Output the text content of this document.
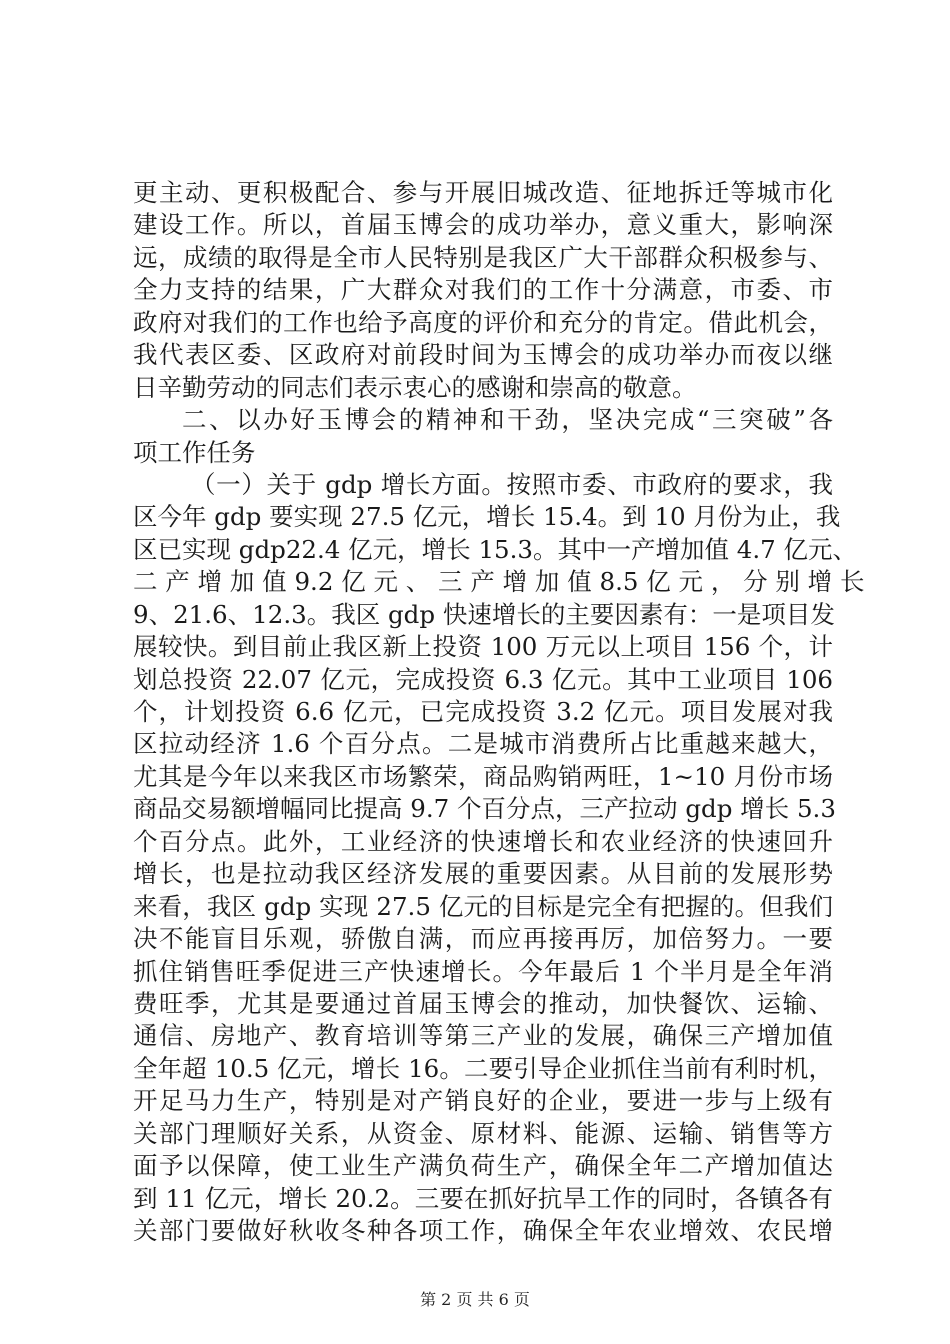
更主动、更积极配合、参与开展旧城改造、征地拆迁等城市化
建设工作。所以，首届玉博会的成功举办，意义重大，影响深
远，成绩的取得是全市人民特别是我区广大干部群众积极参与、
全力支持的结果，广大群众对我们的工作十分满意，市委、市
政府对我们的工作也给予高度的评价和充分的肯定。借此机会，
我代表区委、区政府对前段时间为玉博会的成功举办而夜以继
日辛勤劳动的同志们表示衷心的感谢和崇高的敬意。
二、以办好玉博会的精神和干劲，坚决完成“三突破”各
项工作任务
（一）关于 gdp 增长方面。按照市委、市政府的要求，我
区今年 gdp 要实现 27.5 亿元，增长 15.4。到 10 月份为止，我
区已实现 gdp22.4 亿元，增长 15.3。其中一产增加值 4.7 亿元、
二 产 增 加 值 9.2 亿 元 、 三 产 增 加 值 8.5 亿 元 ， 分 别 增 长
9、21.6、12.3。我区 gdp 快速增长的主要因素有：一是项目发
展较快。到目前止我区新上投资 100 万元以上项目 156 个，计
划总投资 22.07 亿元，完成投资 6.3 亿元。其中工业项目 106
个，计划投资 6.6 亿元，已完成投资 3.2 亿元。项目发展对我
区拉动经济 1.6 个百分点。二是城市消费所占比重越来越大，
尤其是今年以来我区市场繁荣，商品购销两旺，1~10 月份市场
商品交易额增幅同比提高 9.7 个百分点，三产拉动 gdp 增长 5.3
个百分点。此外，工业经济的快速增长和农业经济的快速回升
增长，也是拉动我区经济发展的重要因素。从目前的发展形势
来看，我区 gdp 实现 27.5 亿元的目标是完全有把握的。但我们
决不能盲目乐观，骄傲自满，而应再接再厉，加倍努力。一要
抓住销售旺季促进三产快速增长。今年最后 1 个半月是全年消
费旺季，尤其是要通过首届玉博会的推动，加快餐饮、运输、
通信、房地产、教育培训等第三产业的发展，确保三产增加值
全年超 10.5 亿元，增长 16。二要引导企业抓住当前有利时机，
开足马力生产，特别是对产销良好的企业，要进一步与上级有
关部门理顺好关系，从资金、原材料、能源、运输、销售等方
面予以保障，使工业生产满负荷生产，确保全年二产增加值达
到 11 亿元，增长 20.2。三要在抓好抗旱工作的同时，各镇各有
关部门要做好秋收冬种各项工作，确保全年农业增效、农民增
第 2 页 共 6 页
